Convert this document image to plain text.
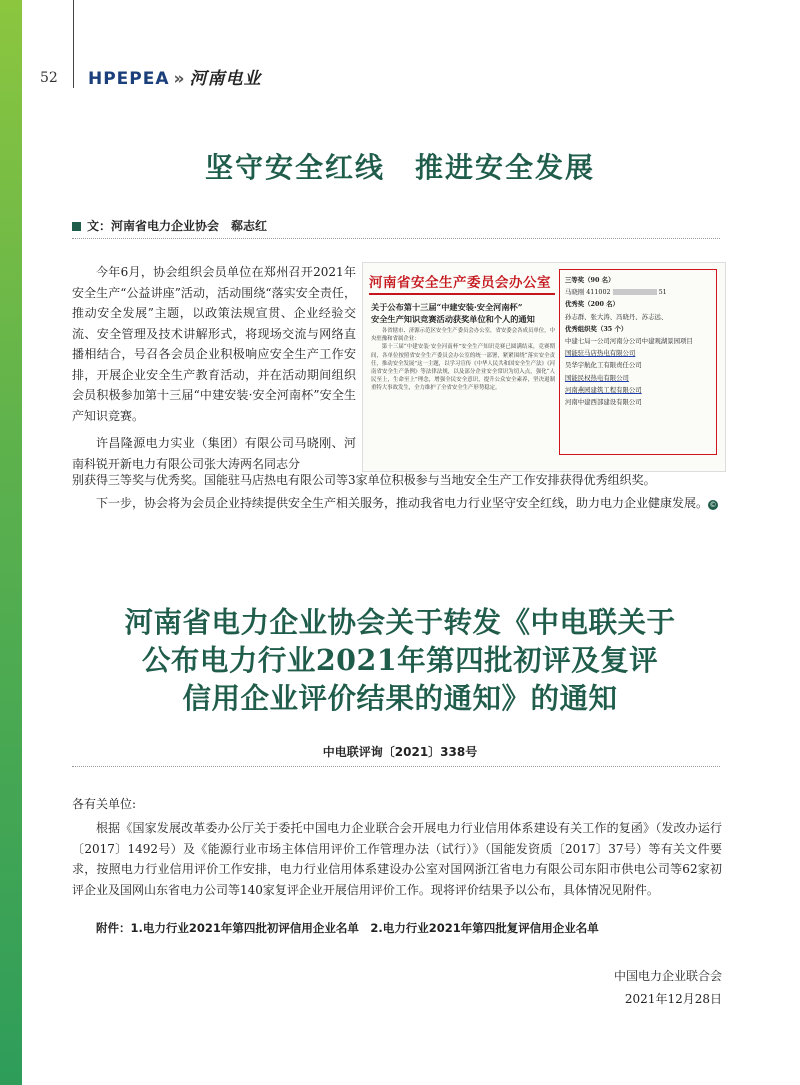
52 HPEPEA » 河南电业
坚守安全红线　推进安全发展
文：河南省电力企业协会　郗志红
今年6月，协会组织会员单位在郑州召开2021年安全生产“公益讲座”活动，活动围绕“落实安全责任，推动安全发展”主题，以政策法规宣贯、企业经验交流、安全管理及技术讲解形式，将现场交流与网络直播相结合，号召各会员企业积极响应安全生产工作安排，开展企业安全生产教育活动，并在活动期间组织会员积极参加第十三届“中建安装·安全河南杯”安全生产知识竞赛。
许昌隆源电力实业（集团）有限公司马晓刚、河南科锐开新电力有限公司张大涛两名同志分
别获得三等奖与优秀奖。国能驻马店热电有限公司等3家单位积极参与当地安全生产工作安排获得优秀组织奖。
下一步，协会将为会员企业持续提供安全生产相关服务，推动我省电力行业坚守安全红线，助力电力企业健康发展。 ©
河南省安全生产委员会办公室
关于公布第十三届“中建安装·安全河南杯”
安全生产知识竞赛活动获奖单位和个人的通知
各省辖市、济源示范区安全生产委员会办公室，省安委会各成员单位，中央驻豫和省属企业：
第十三届“中建安装·安全河南杯”安全生产知识竞赛已圆满结束，竞赛期间，各单位按照省安全生产委员会办公室的统一部署，紧紧围绕“落实安全责任，推动安全发展”这一主题，以学习宣传《中华人民共和国安全生产法》《河南省安全生产条例》等法律法规，以及部分企业安全常识为切入点，强化“人民至上，生命至上”理念，增强全民安全意识，提升公众安全素养，坚决遏制重特大事故发生，全力维护了全省安全生产形势稳定。
三等奖（90 名）
马晓刚 411002	51
优秀奖（200 名）
孙志群、张大涛、冯晓丹、苏志远、
优秀组织奖（35 个）
中建七局一公司河南分公司中建观湖景园项目
国能驻马店热电有限公司
昊华宇航化工有限责任公司
国能民权热电有限公司
河南燕园建筑工程有限公司
河南中建西部建设有限公司
河南省电力企业协会关于转发《中电联关于
公布电力行业2021年第四批初评及复评
信用企业评价结果的通知》的通知
中电联评询〔2021〕338号
各有关单位:
根据《国家发展改革委办公厅关于委托中国电力企业联合会开展电力行业信用体系建设有关工作的复函》（发改办运行〔2017〕1492号）及《能源行业市场主体信用评价工作管理办法（试行）》（国能发资质〔2017〕37号）等有关文件要求，按照电力行业信用评价工作安排，电力行业信用体系建设办公室对国网浙江省电力有限公司东阳市供电公司等62家初评企业及国网山东省电力公司等140家复评企业开展信用评价工作。现将评价结果予以公布，具体情况见附件。
附件：1.电力行业2021年第四批初评信用企业名单　2.电力行业2021年第四批复评信用企业名单
中国电力企业联合会
2021年12月28日
